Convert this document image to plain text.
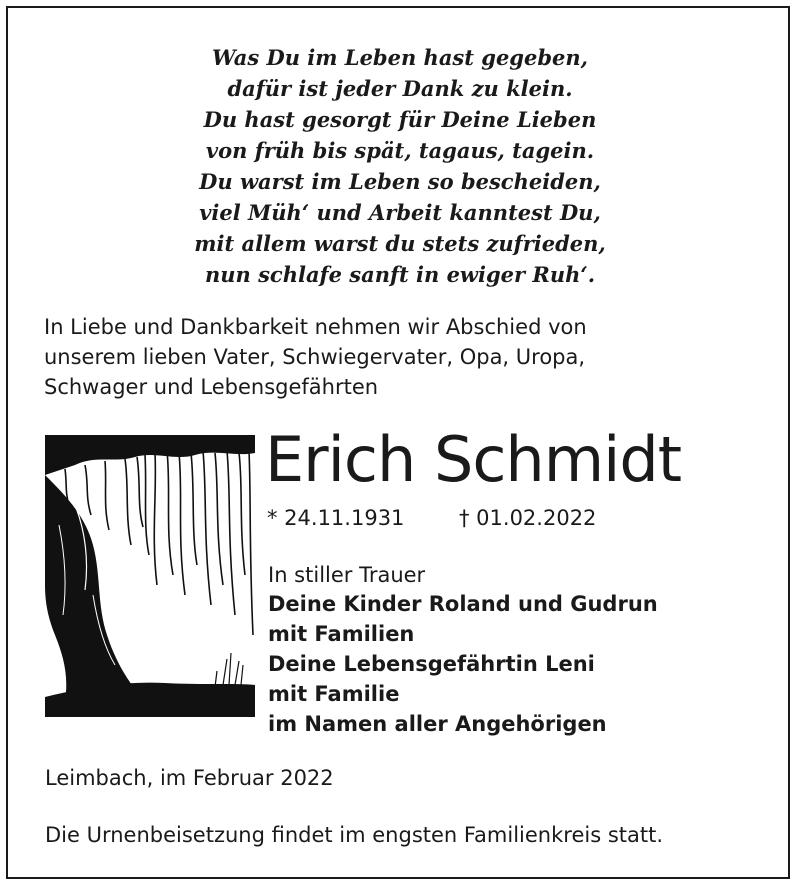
Was Du im Leben hast gegeben,
dafür ist jeder Dank zu klein.
Du hast gesorgt für Deine Lieben
von früh bis spät, tagaus, tagein.
Du warst im Leben so bescheiden,
viel Müh‘ und Arbeit kanntest Du,
mit allem warst du stets zufrieden,
nun schlafe sanft in ewiger Ruh‘.
In Liebe und Dankbarkeit nehmen wir Abschied von
unserem lieben Vater, Schwiegervater, Opa, Uropa,
Schwager und Lebensgefährten
Erich Schmidt
* 24.11.1931	† 01.02.2022
In stiller Trauer
Deine Kinder Roland und Gudrun
mit Familien
Deine Lebensgefährtin Leni
mit Familie
im Namen aller Angehörigen
Leimbach, im Februar 2022
Die Urnenbeisetzung findet im engsten Familienkreis statt.
